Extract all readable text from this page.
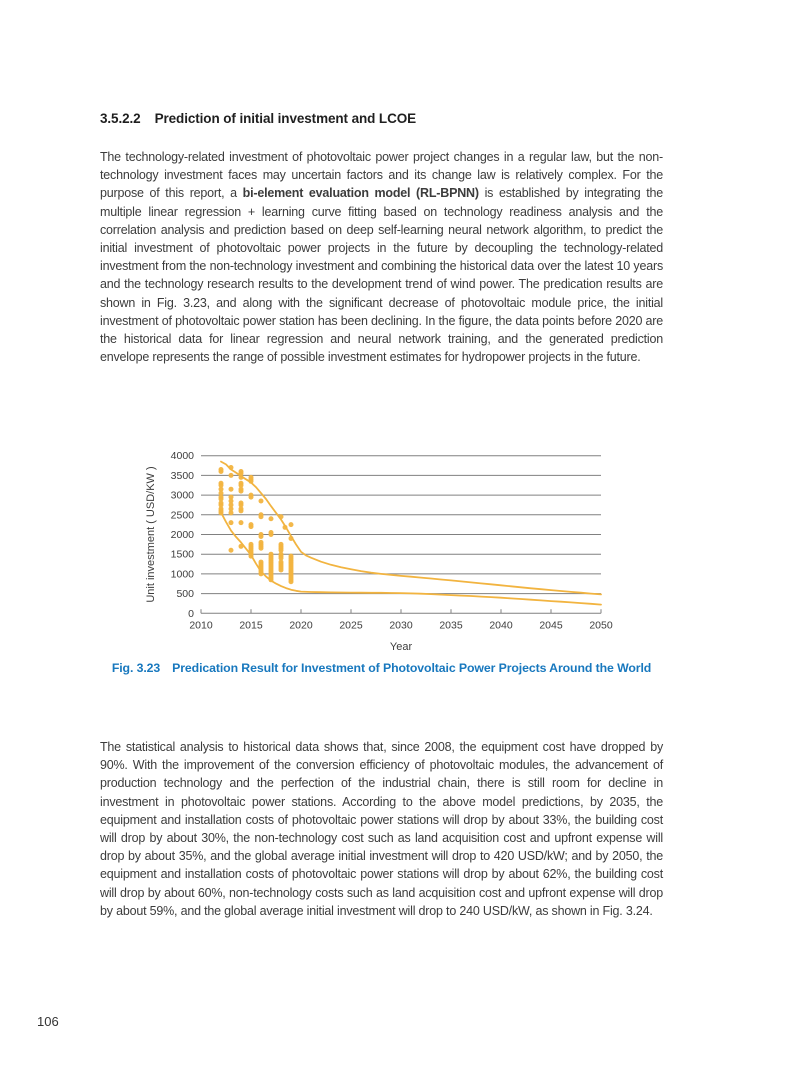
3.5.2.2 Prediction of initial investment and LCOE
The technology-related investment of photovoltaic power project changes in a regular law, but the non-technology investment faces may uncertain factors and its change law is relatively complex. For the purpose of this report, a bi-element evaluation model (RL-BPNN) is established by integrating the multiple linear regression + learning curve fitting based on technology readiness analysis and the correlation analysis and prediction based on deep self-learning neural network algorithm, to predict the initial investment of photovoltaic power projects in the future by decoupling the technology-related investment from the non-technology investment and combining the historical data over the latest 10 years and the technology research results to the development trend of wind power. The predication results are shown in Fig. 3.23, and along with the significant decrease of photovoltaic module price, the initial investment of photovoltaic power station has been declining. In the figure, the data points before 2020 are the historical data for linear regression and neural network training, and the generated prediction envelope represents the range of possible investment estimates for hydropower projects in the future.
0
500
1000
1500
2000
2500
3000
3500
4000
2010	2015	2020	2025	2030	2035	2040	2045	2050
Unit investment ( USD/KW )
Year
Fig. 3.23 Predication Result for Investment of Photovoltaic Power Projects Around the World
The statistical analysis to historical data shows that, since 2008, the equipment cost have dropped by 90%. With the improvement of the conversion efficiency of photovoltaic modules, the advancement of production technology and the perfection of the industrial chain, there is still room for decline in investment in photovoltaic power stations. According to the above model predictions, by 2035, the equipment and installation costs of photovoltaic power stations will drop by about 33%, the building cost will drop by about 30%, the non-technology cost such as land acquisition cost and upfront expense will drop by about 35%, and the global average initial investment will drop to 420 USD/kW; and by 2050, the equipment and installation costs of photovoltaic power stations will drop by about 62%, the building cost will drop by about 60%, non-technology costs such as land acquisition cost and upfront expense will drop by about 59%, and the global average initial investment will drop to 240 USD/kW, as shown in Fig. 3.24.
106
